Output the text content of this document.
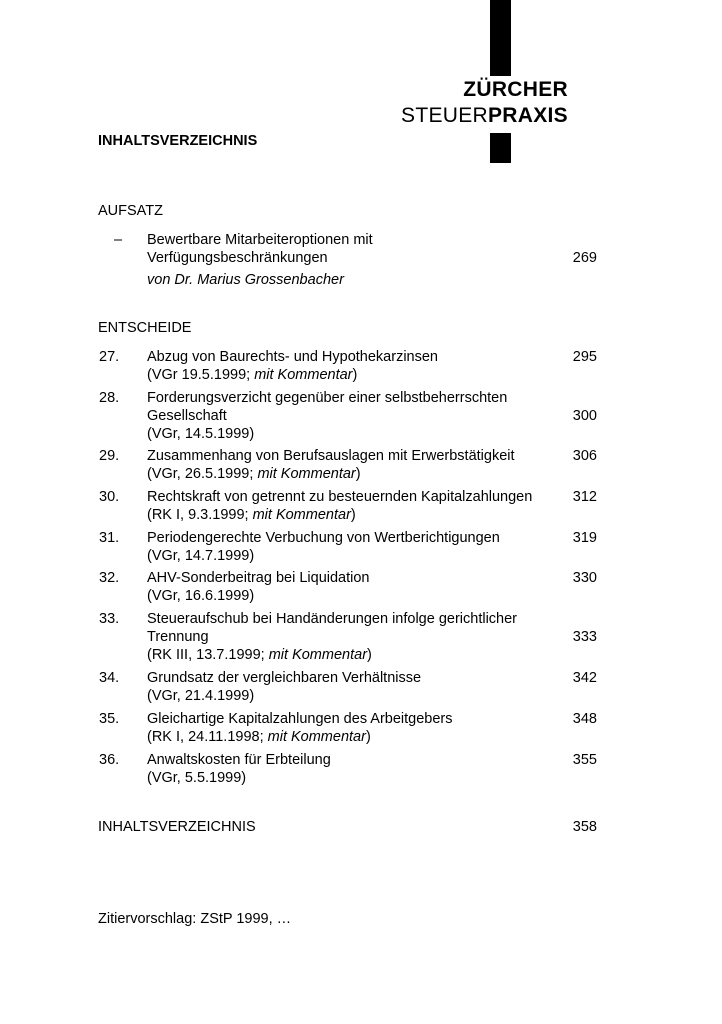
ZÜRCHER
STEUERPRAXIS
INHALTSVERZEICHNIS
AUFSATZ
– Bewertbare Mitarbeiteroptionen mit
Verfügungsbeschränkungen	269
von Dr. Marius Grossenbacher
ENTSCHEIDE
27. Abzug von Baurechts- und Hypothekarzinsen	295
(VGr 19.5.1999; mit Kommentar)
28. Forderungsverzicht gegenüber einer selbstbeherrschten
Gesellschaft	300
(VGr, 14.5.1999)
29. Zusammenhang von Berufsauslagen mit Erwerbstätigkeit	306
(VGr, 26.5.1999; mit Kommentar)
30. Rechtskraft von getrennt zu besteuernden Kapitalzahlungen	312
(RK I, 9.3.1999; mit Kommentar)
31. Periodengerechte Verbuchung von Wertberichtigungen	319
(VGr, 14.7.1999)
32. AHV-Sonderbeitrag bei Liquidation	330
(VGr, 16.6.1999)
33. Steueraufschub bei Handänderungen infolge gerichtlicher
Trennung	333
(RK III, 13.7.1999; mit Kommentar)
34. Grundsatz der vergleichbaren Verhältnisse	342
(VGr, 21.4.1999)
35. Gleichartige Kapitalzahlungen des Arbeitgebers	348
(RK I, 24.11.1998; mit Kommentar)
36. Anwaltskosten für Erbteilung	355
(VGr, 5.5.1999)
INHALTSVERZEICHNIS	358
Zitiervorschlag: ZStP 1999, …
